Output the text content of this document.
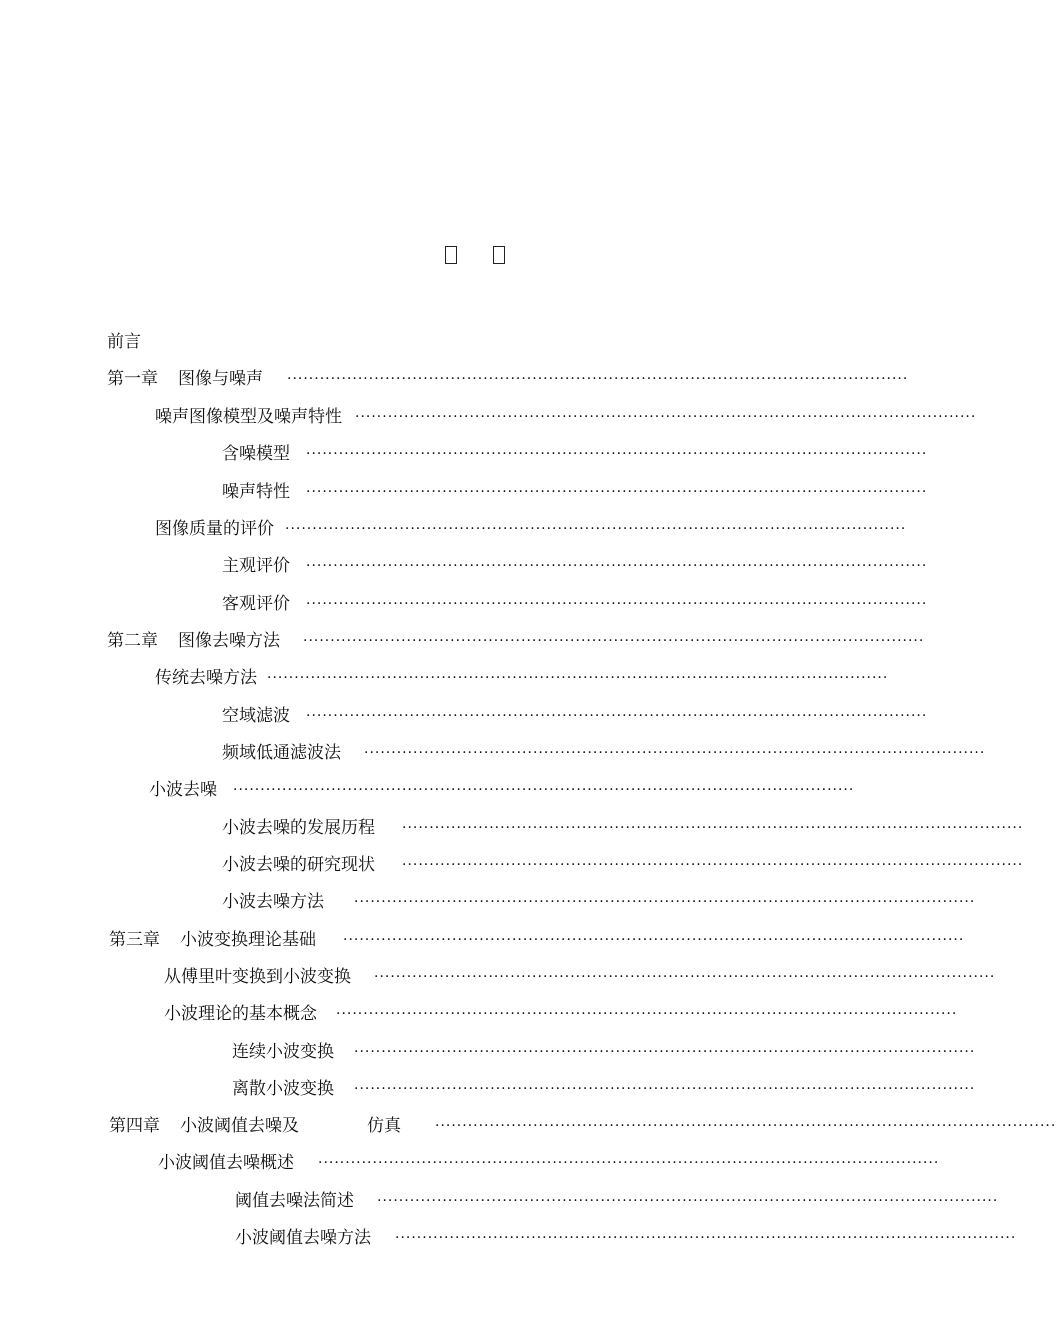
前言
··················································································································
第一章 图像与噪声
··················································································································
噪声图像模型及噪声特性
··················································································································
含噪模型
··················································································································
噪声特性
··················································································································
图像质量的评价
··················································································································
主观评价
··················································································································
客观评价
··················································································································
第二章 图像去噪方法
··················································································································
传统去噪方法
··················································································································
空域滤波
··················································································································
频域低通滤波法
··················································································································
小波去噪
··················································································································
小波去噪的发展历程
··················································································································
小波去噪的研究现状
··················································································································
小波去噪方法
··················································································································
第三章 小波变换理论基础
··················································································································
从傅里叶变换到小波变换
··················································································································
小波理论的基本概念
··················································································································
连续小波变换
··················································································································
离散小波变换
··················································································································
第四章 小波阈值去噪及	仿真
··················································································································
小波阈值去噪概述
··················································································································
阈值去噪法简述
··················································································································
小波阈值去噪方法
